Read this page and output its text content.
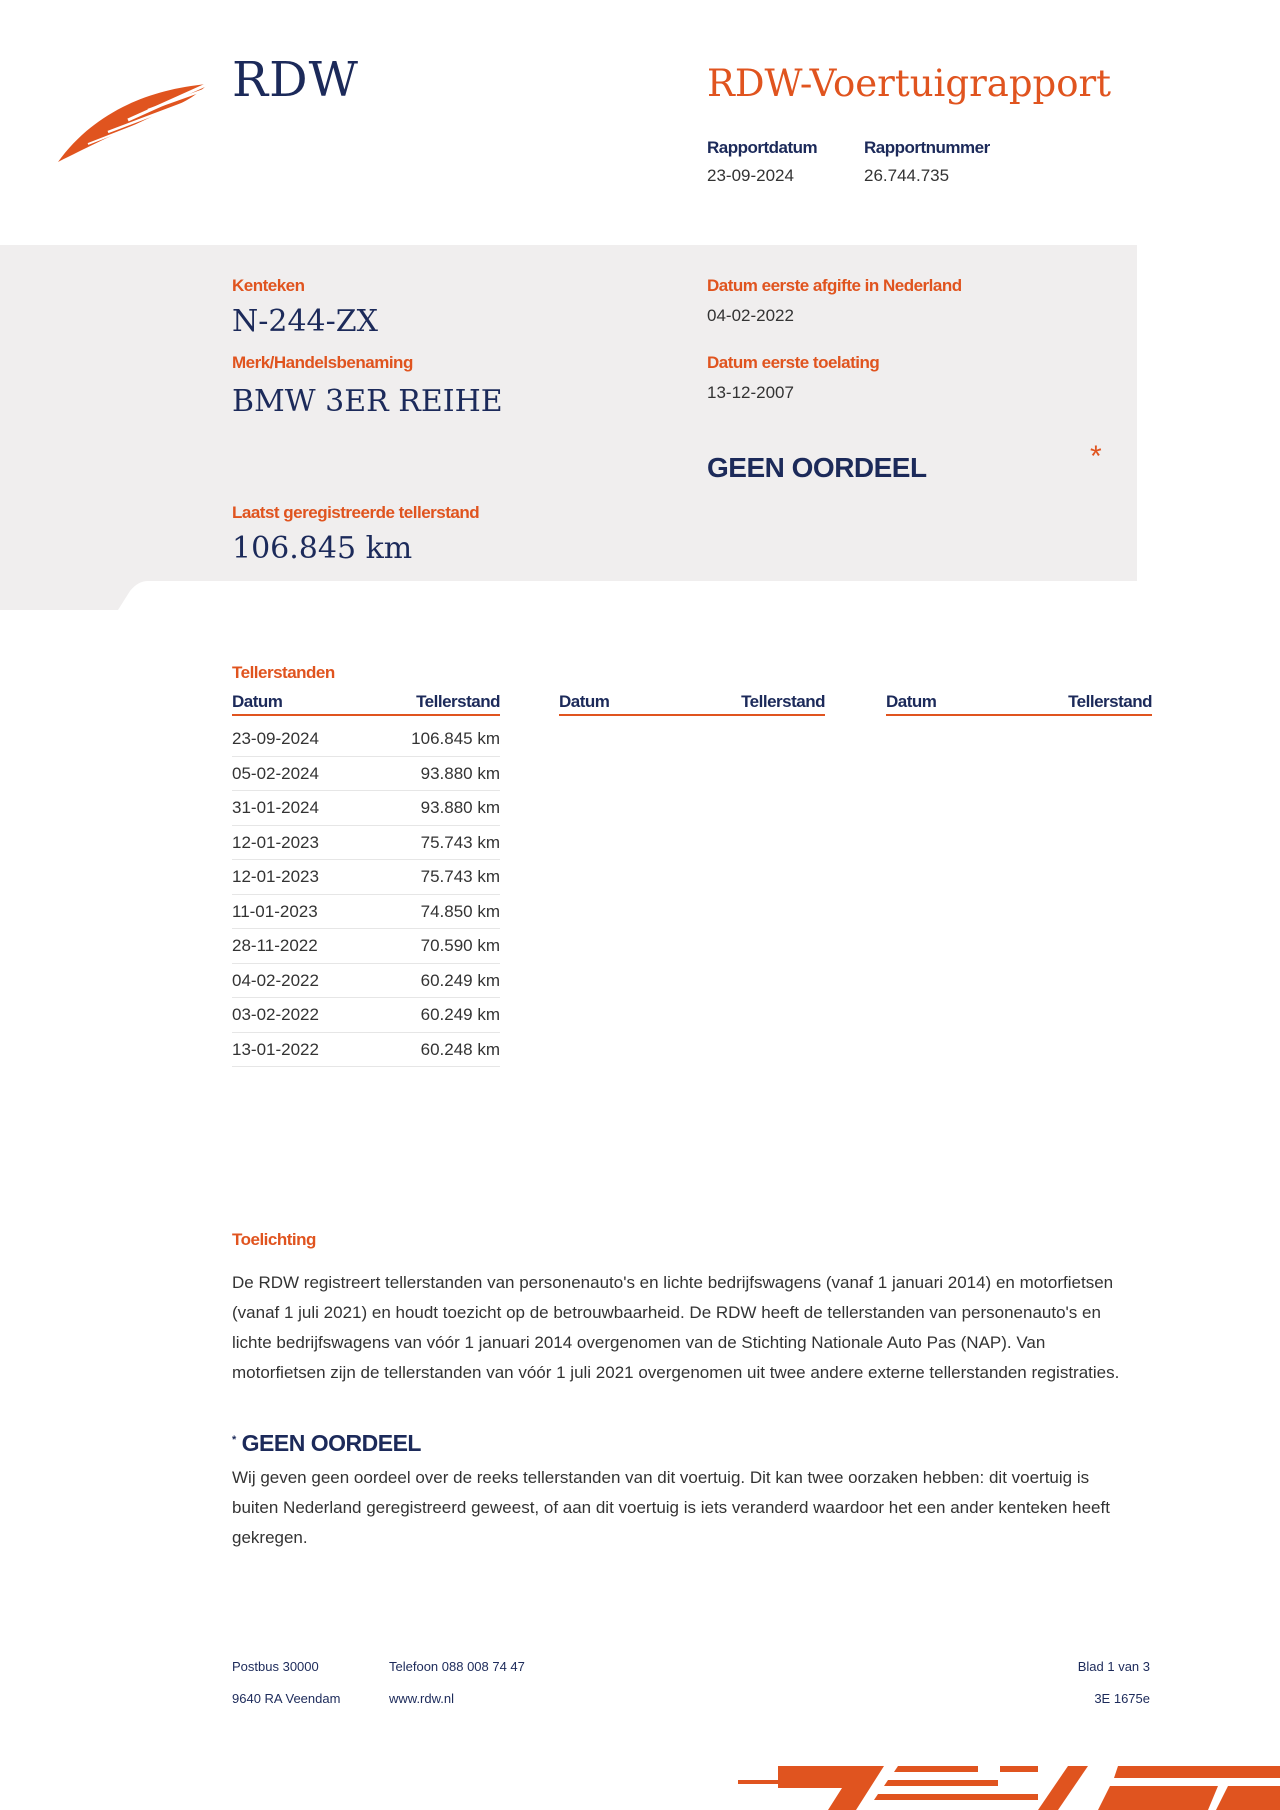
RDW	RDW-Voertuigrapport
Rapportdatum
23-09-2024
Rapportnummer
26.744.735
Kenteken
N-244-ZX
Merk/Handelsbenaming
BMW 3ER REIHE
Datum eerste afgifte in Nederland
04-02-2022
Datum eerste toelating
13-12-2007
GEEN OORDEEL	*
Laatst geregistreerde tellerstand
106.845 km
Tellerstanden
Datum	Tellerstand	Datum	Tellerstand	Datum	Tellerstand
23-09-2024	106.845 km
05-02-2024	93.880 km
31-01-2024	93.880 km
12-01-2023	75.743 km
12-01-2023	75.743 km
11-01-2023	74.850 km
28-11-2022	70.590 km
04-02-2022	60.249 km
03-02-2022	60.249 km
13-01-2022	60.248 km
Toelichting
De RDW registreert tellerstanden van personenauto's en lichte bedrijfswagens (vanaf 1 januari 2014) en motorfietsen (vanaf 1 juli 2021) en houdt toezicht op de betrouwbaarheid. De RDW heeft de tellerstanden van personenauto's en lichte bedrijfswagens van vóór 1 januari 2014 overgenomen van de Stichting Nationale Auto Pas (NAP). Van motorfietsen zijn de tellerstanden van vóór 1 juli 2021 overgenomen uit twee andere externe tellerstanden registraties.
* GEEN OORDEEL
Wij geven geen oordeel over de reeks tellerstanden van dit voertuig. Dit kan twee oorzaken hebben: dit voertuig is buiten Nederland geregistreerd geweest, of aan dit voertuig is iets veranderd waardoor het een ander kenteken heeft gekregen.
Postbus 30000
9640 RA Veendam
Telefoon 088 008 74 47
www.rdw.nl
Blad 1 van 3
3E 1675e
